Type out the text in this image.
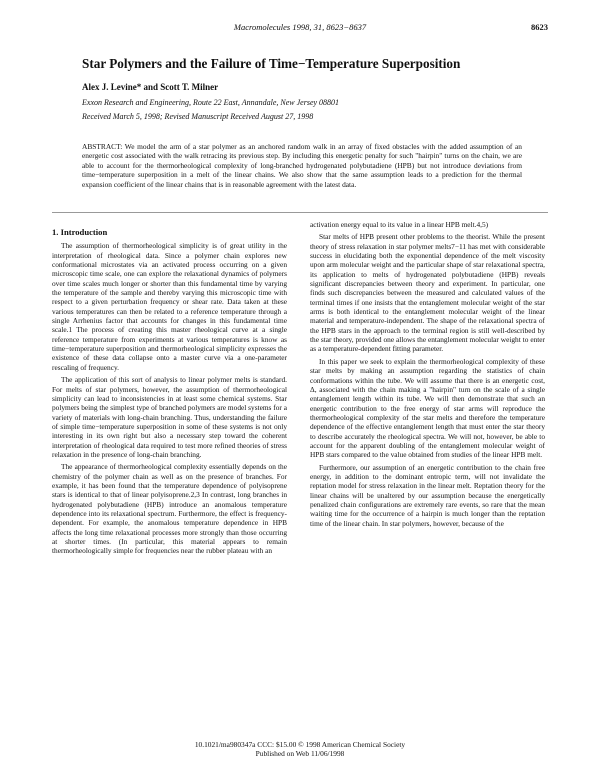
Macromolecules 1998, 31, 8623−8637	8623
Star Polymers and the Failure of Time−Temperature Superposition
Alex J. Levine* and Scott T. Milner
Exxon Research and Engineering, Route 22 East, Annandale, New Jersey 08801
Received March 5, 1998; Revised Manuscript Received August 27, 1998
ABSTRACT: We model the arm of a star polymer as an anchored random walk in an array of fixed obstacles with the added assumption of an energetic cost associated with the walk retracing its previous step. By including this energetic penalty for such "hairpin" turns on the chain, we are able to account for the thermorheological complexity of long-branched hydrogenated polybutadiene (HPB) but not introduce deviations from time−temperature superposition in a melt of the linear chains. We also show that the same assumption leads to a prediction for the thermal expansion coefficient of the linear chains that is in reasonable agreement with the latest data.
1. Introduction

The assumption of thermorheological simplicity is of great utility in the interpretation of rheological data. Since a polymer chain explores new conformational microstates via an activated process occurring on a given microscopic time scale, one can explore the relaxational dynamics of polymers over time scales much longer or shorter than this fundamental time by varying the temperature of the sample and thereby varying this microscopic time with respect to a given perturbation frequency or shear rate. Data taken at these various temperatures can then be related to a reference temperature through a single Arrhenius factor that accounts for changes in this fundamental time scale.1 The process of creating this master rheological curve at a single reference temperature from experiments at various temperatures is know as time−temperature superposition and thermorheological simplicity expresses the existence of these data collapse onto a master curve via a one-parameter rescaling of frequency.

The application of this sort of analysis to linear polymer melts is standard. For melts of star polymers, however, the assumption of thermorheological simplicity can lead to inconsistencies in at least some chemical systems. Star polymers being the simplest type of branched polymers are model systems for a variety of materials with long-chain branching. Thus, understanding the failure of simple time−temperature superposition in some of these systems is not only interesting in its own right but also a necessary step toward the coherent interpretation of rheological data required to test more refined theories of stress relaxation in the presence of long-chain branching.

The appearance of thermorheological complexity essentially depends on the chemistry of the polymer chain as well as on the presence of branches. For example, it has been found that the temperature dependence of polyisoprene stars is identical to that of linear polyisoprene.2,3 In contrast, long branches in hydrogenated polybutadiene (HPB) introduce an anomalous temperature dependence into its relaxational spectrum. Furthermore, the effect is frequency-dependent. For example, the anomalous temperature dependence in HPB affects the long time relaxational processes more strongly than those occurring at shorter times. (In particular, this material appears to remain thermorheologically simple for frequencies near the rubber plateau with an

activation energy equal to its value in a linear HPB melt.4,5)

Star melts of HPB present other problems to the theorist. While the present theory of stress relaxation in star polymer melts7−11 has met with considerable success in elucidating both the exponential dependence of the melt viscosity upon arm molecular weight and the particular shape of star relaxational spectra, its application to melts of hydrogenated polybutadiene (HPB) reveals significant discrepancies between theory and experiment. In particular, one finds such discrepancies between the measured and calculated values of the terminal times if one insists that the entanglement molecular weight of the star arms is both identical to the entanglement molecular weight of the linear material and temperature-independent. The shape of the relaxational spectra of the HPB stars in the approach to the terminal region is still well-described by the star theory, provided one allows the entanglement molecular weight to enter as a temperature-dependent fitting parameter.

In this paper we seek to explain the thermorheological complexity of these star melts by making an assumption regarding the statistics of chain conformations within the tube. We will assume that there is an energetic cost, Δ, associated with the chain making a "hairpin" turn on the scale of a single entanglement length within its tube. We will then demonstrate that such an energetic contribution to the free energy of star arms will reproduce the thermorheological complexity of the star melts and therefore the temperature dependence of the effective entanglement length that must enter the star theory to describe accurately the rheological spectra. We will not, however, be able to account for the apparent doubling of the entanglement molecular weight of HPB stars compared to the value obtained from studies of the linear HPB melt.

Furthermore, our assumption of an energetic contribution to the chain free energy, in addition to the dominant entropic term, will not invalidate the reptation model for stress relaxation in the linear melt. Reptation theory for the linear chains will be unaltered by our assumption because the energetically penalized chain configurations are extremely rare events, so rare that the mean waiting time for the occurrence of a hairpin is much longer than the reptation time of the linear chain. In star polymers, however, because of the

10.1021/ma980347a CCC: $15.00 © 1998 American Chemical Society
Published on Web 11/06/1998
